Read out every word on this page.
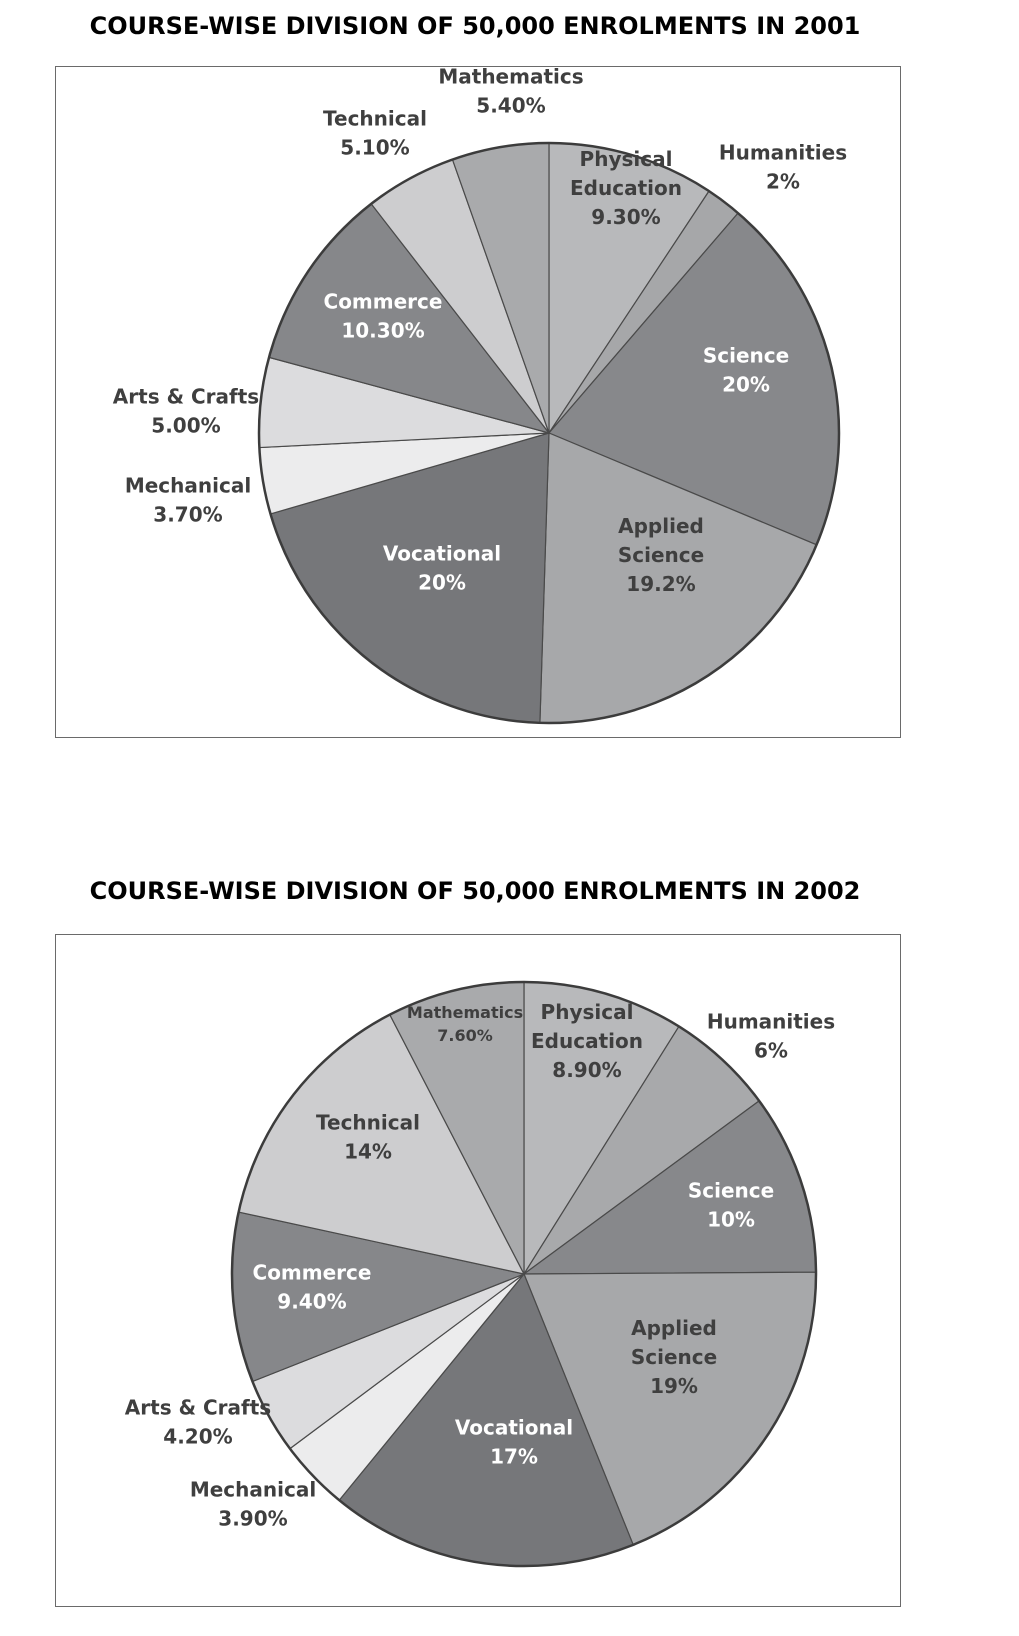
COURSE-WISE DIVISION OF 50,000 ENROLMENTS IN 2001
COURSE-WISE DIVISION OF 50,000 ENROLMENTS IN 2002
Physical Education 9.30%
Humanities 2%
Science 20%
Applied Science 19.2%
Vocational 20%
Mechanical 3.70%
Arts & Crafts 5.00%
Commerce 10.30%
Technical 5.10%
Mathematics 5.40%
Physical Education 8.90%
Humanities 6%
Science 10%
Applied Science 19%
Vocational 17%
Mechanical 3.90%
Arts & Crafts 4.20%
Commerce 9.40%
Technical 14%
Mathematics 7.60%
